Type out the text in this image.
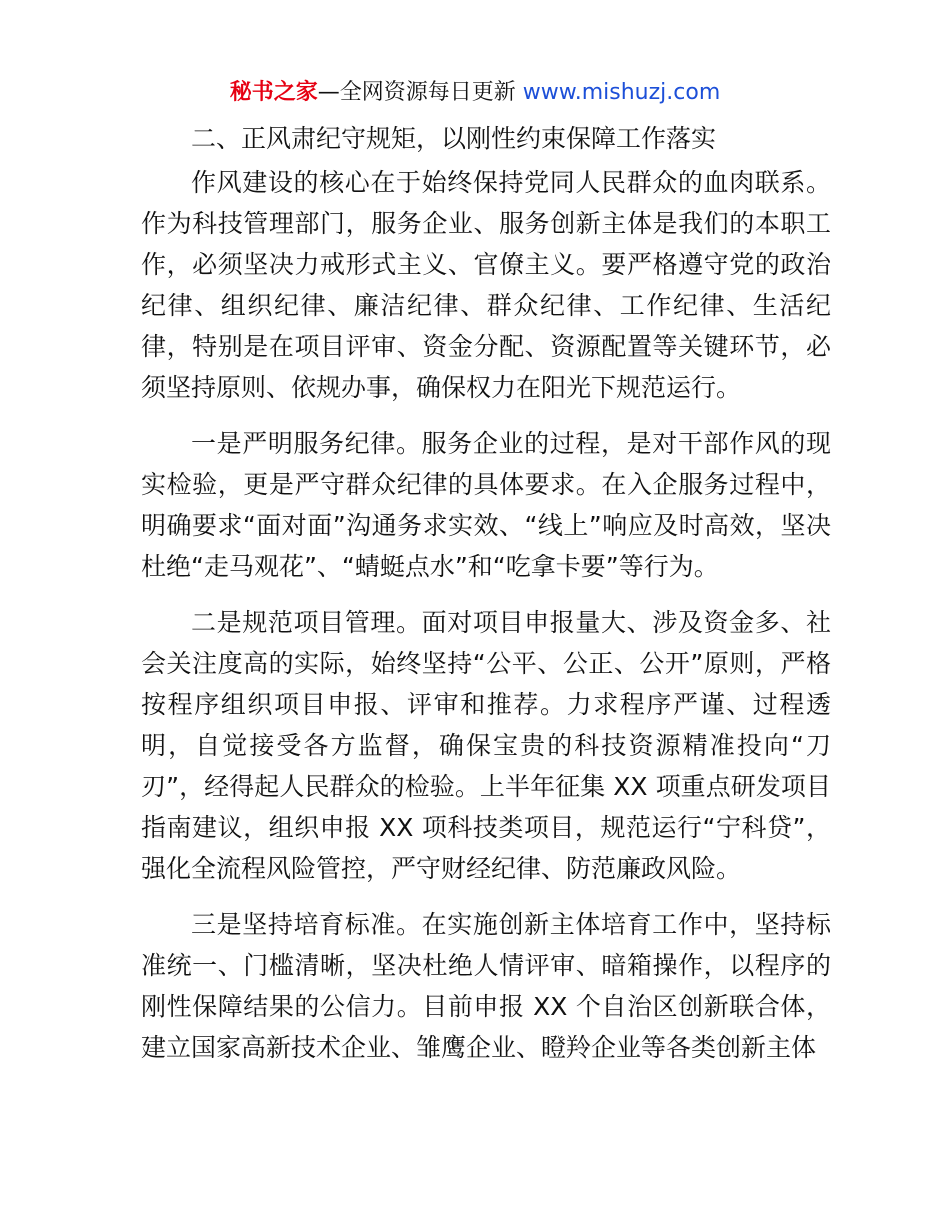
秘书之家—全网资源每日更新 www.mishuzj.com

二、正风肃纪守规矩，以刚性约束保障工作落实

作风建设的核心在于始终保持党同人民群众的血肉联系。作为科技管理部门，服务企业、服务创新主体是我们的本职工作，必须坚决力戒形式主义、官僚主义。要严格遵守党的政治纪律、组织纪律、廉洁纪律、群众纪律、工作纪律、生活纪律，特别是在项目评审、资金分配、资源配置等关键环节，必须坚持原则、依规办事，确保权力在阳光下规范运行。

一是严明服务纪律。服务企业的过程，是对干部作风的现实检验，更是严守群众纪律的具体要求。在入企服务过程中，明确要求“面对面”沟通务求实效、“线上”响应及时高效，坚决杜绝“走马观花”、“蜻蜓点水”和“吃拿卡要”等行为。

二是规范项目管理。面对项目申报量大、涉及资金多、社会关注度高的实际，始终坚持“公平、公正、公开”原则，严格按程序组织项目申报、评审和推荐。力求程序严谨、过程透明，自觉接受各方监督，确保宝贵的科技资源精准投向“刀刃”，经得起人民群众的检验。上半年征集 XX 项重点研发项目指南建议，组织申报 XX 项科技类项目，规范运行“宁科贷”，强化全流程风险管控，严守财经纪律、防范廉政风险。

三是坚持培育标准。在实施创新主体培育工作中，坚持标准统一、门槛清晰，坚决杜绝人情评审、暗箱操作，以程序的刚性保障结果的公信力。目前申报 XX 个自治区创新联合体，建立国家高新技术企业、雏鹰企业、瞪羚企业等各类创新主体
